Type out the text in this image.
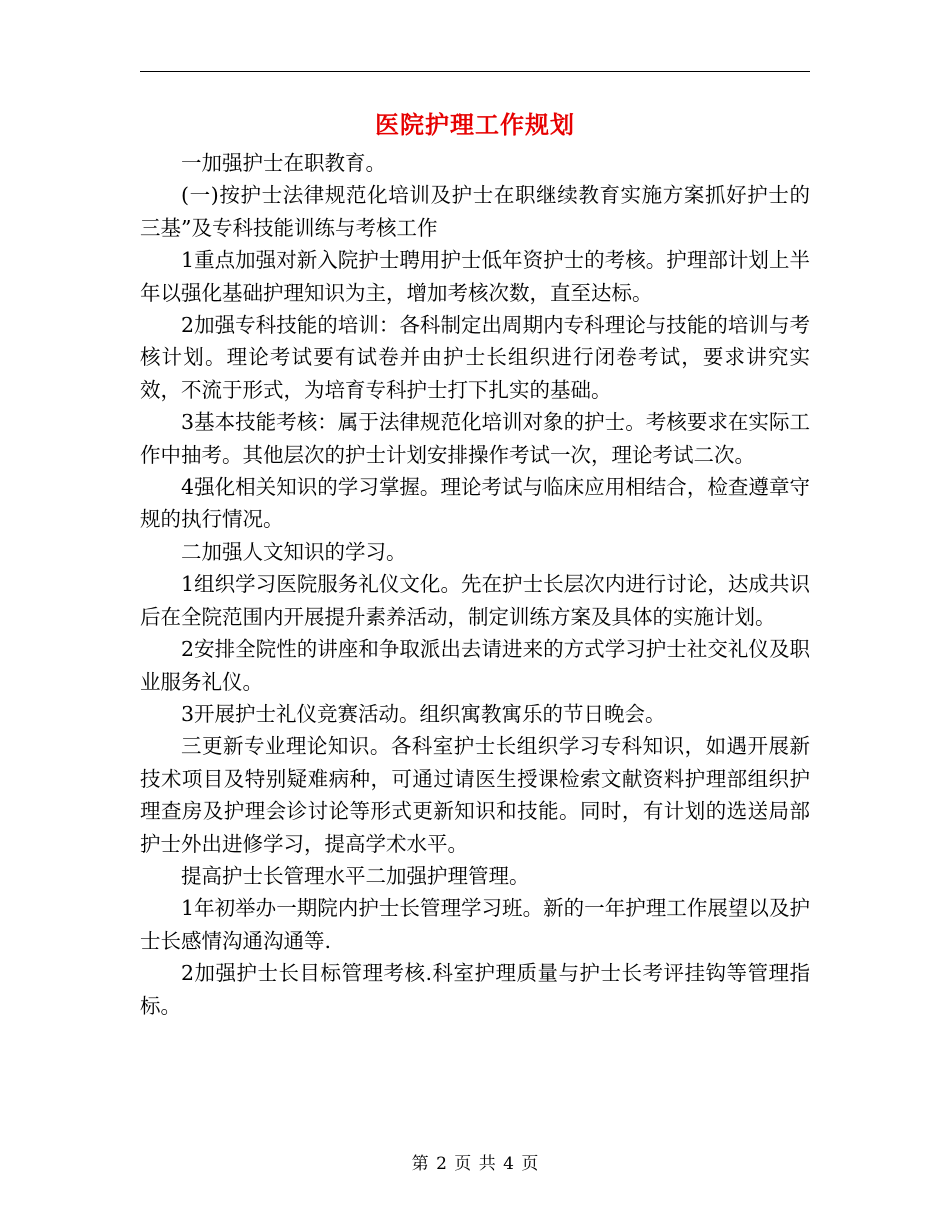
医院护理工作规划

一加强护士在职教育。

(一)按护士法律规范化培训及护士在职继续教育实施方案抓好护士的三基”及专科技能训练与考核工作

1重点加强对新入院护士聘用护士低年资护士的考核。护理部计划上半年以强化基础护理知识为主，增加考核次数，直至达标。

2加强专科技能的培训：各科制定出周期内专科理论与技能的培训与考核计划。理论考试要有试卷并由护士长组织进行闭卷考试，要求讲究实效，不流于形式，为培育专科护士打下扎实的基础。

3基本技能考核：属于法律规范化培训对象的护士。考核要求在实际工作中抽考。其他层次的护士计划安排操作考试一次，理论考试二次。

4强化相关知识的学习掌握。理论考试与临床应用相结合，检查遵章守规的执行情况。

二加强人文知识的学习。

1组织学习医院服务礼仪文化。先在护士长层次内进行讨论，达成共识后在全院范围内开展提升素养活动，制定训练方案及具体的实施计划。

2安排全院性的讲座和争取派出去请进来的方式学习护士社交礼仪及职业服务礼仪。

3开展护士礼仪竞赛活动。组织寓教寓乐的节日晚会。

三更新专业理论知识。各科室护士长组织学习专科知识，如遇开展新技术项目及特别疑难病种，可通过请医生授课检索文献资料护理部组织护理查房及护理会诊讨论等形式更新知识和技能。同时，有计划的选送局部护士外出进修学习，提高学术水平。

提高护士长管理水平二加强护理管理。

1年初举办一期院内护士长管理学习班。新的一年护理工作展望以及护士长感情沟通沟通等.

2加强护士长目标管理考核.科室护理质量与护士长考评挂钩等管理指标。

第 2 页 共 4 页
